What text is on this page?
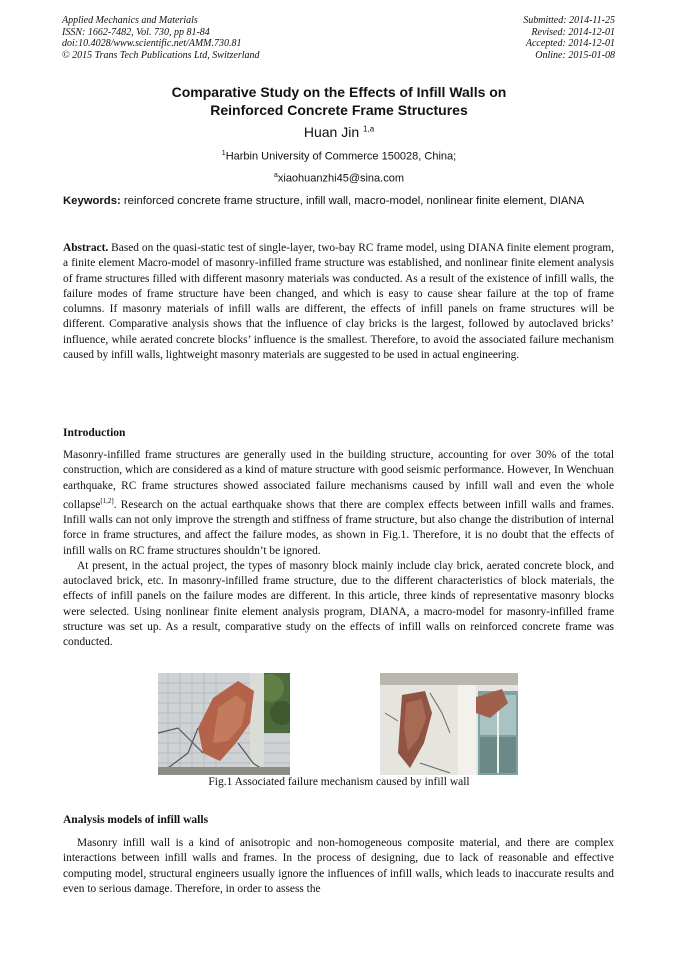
Applied Mechanics and Materials
ISSN: 1662-7482, Vol. 730, pp 81-84
doi:10.4028/www.scientific.net/AMM.730.81
© 2015 Trans Tech Publications Ltd, Switzerland
Submitted: 2014-11-25
Revised: 2014-12-01
Accepted: 2014-12-01
Online: 2015-01-08
Comparative Study on the Effects of Infill Walls on
Reinforced Concrete Frame Structures
Huan Jin $^{1,a}$
$^1$Harbin University of Commerce 150028, China;
$^a$xiaohuanzhi45@sina.com
Keywords: reinforced concrete frame structure, infill wall, macro-model, nonlinear finite element, DIANA

Abstract. Based on the quasi-static test of single-layer, two-bay RC frame model, using DIANA finite element program, a finite element Macro-model of masonry-infilled frame structure was established, and nonlinear finite element analysis of frame structures filled with different masonry materials was conducted. As a result of the existence of infill walls, the failure modes of frame structure have been changed, and which is easy to cause shear failure at the top of frame columns. If masonry materials of infill walls are different, the effects of infill panels on frame structures will be different. Comparative analysis shows that the influence of clay bricks is the largest, followed by autoclaved bricks’ influence, while aerated concrete blocks’ influence is the smallest. Therefore, to avoid the associated failure mechanism caused by infill walls, lightweight masonry materials are suggested to be used in actual engineering.

Introduction

Masonry-infilled frame structures are generally used in the building structure, accounting for over 30% of the total construction, which are considered as a kind of mature structure with good seismic performance. However, In Wenchuan earthquake, RC frame structures showed associated failure mechanisms caused by infill wall and even the whole collapse[1,2]. Research on the actual earthquake shows that there are complex effects between infill walls and frames. Infill walls can not only improve the strength and stiffness of frame structure, but also change the distribution of internal force in frame structures, and affect the failure modes, as shown in Fig.1. Therefore, it is no doubt that the effects of infill walls on RC frame structures shouldn’t be ignored.

At present, in the actual project, the types of masonry block mainly include clay brick, aerated concrete block, and autoclaved brick, etc. In masonry-infilled frame structure, due to the different characteristics of block materials, the effects of infill panels on the failure modes are different. In this article, three kinds of representative masonry blocks were selected. Using nonlinear finite element analysis program, DIANA, a macro-model for masonry-infilled frame structure was set up. As a result, comparative study on the effects of infill walls on reinforced concrete frame was conducted.

Fig.1 Associated failure mechanism caused by infill wall
Analysis models of infill walls

Masonry infill wall is a kind of anisotropic and non-homogeneous composite material, and there are complex interactions between infill walls and frames. In the process of designing, due to lack of reasonable and effective computing model, structural engineers usually ignore the influences of infill walls, which leads to inaccurate results and even to serious damage. Therefore, in order to assess the
